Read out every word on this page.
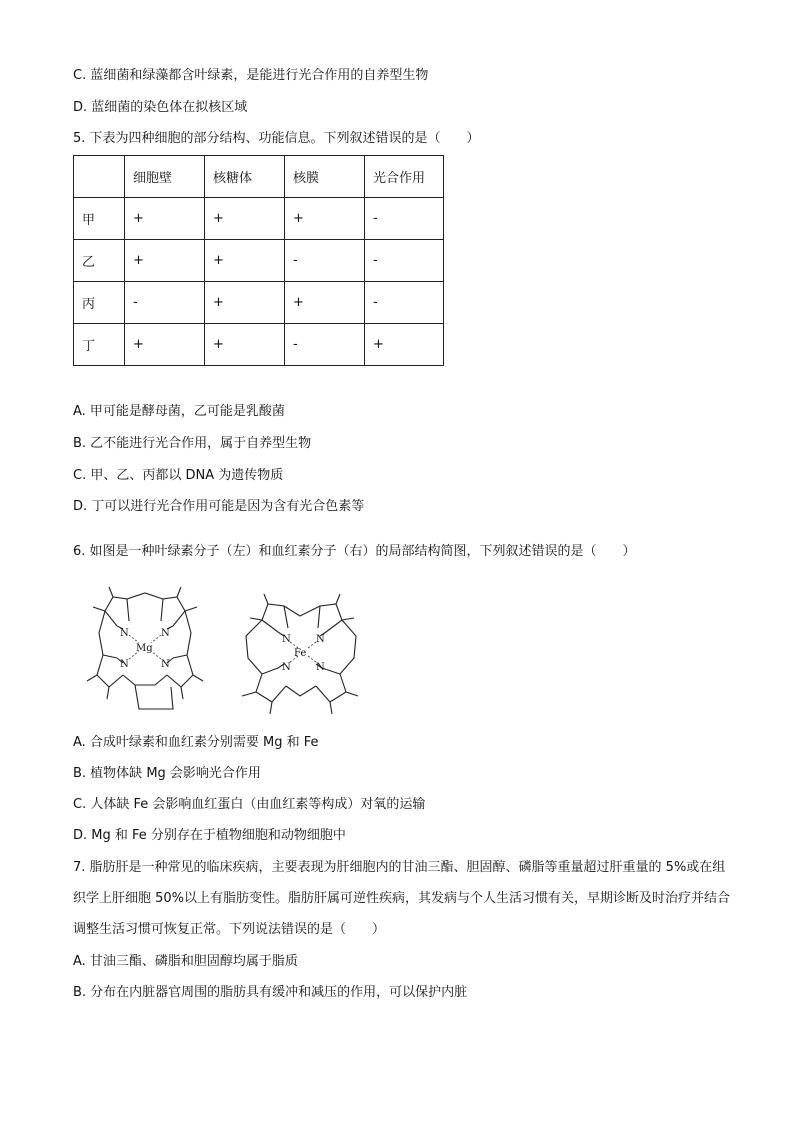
C. 蓝细菌和绿藻都含叶绿素，是能进行光合作用的自养型生物
D. 蓝细菌的染色体在拟核区域
5. 下表为四种细胞的部分结构、功能信息。下列叙述错误的是（　　）
	细胞壁	核糖体	核膜	光合作用
甲	+	+	+	-
乙	+	+	-	-
丙	-	+	+	-
丁	+	+	-	+
A. 甲可能是酵母菌，乙可能是乳酸菌
B. 乙不能进行光合作用，属于自养型生物
C. 甲、乙、丙都以 DNA 为遗传物质
D. 丁可以进行光合作用可能是因为含有光合色素等
6. 如图是一种叶绿素分子（左）和血红素分子（右）的局部结构简图，下列叙述错误的是（　　）
N	N
N	N
Mg
N	N
N	N
Fe
A. 合成叶绿素和血红素分别需要 Mg 和 Fe
B. 植物体缺 Mg 会影响光合作用
C. 人体缺 Fe 会影响血红蛋白（由血红素等构成）对氧的运输
D. Mg 和 Fe 分别存在于植物细胞和动物细胞中
7. 脂肪肝是一种常见的临床疾病，主要表现为肝细胞内的甘油三酯、胆固醇、磷脂等重量超过肝重量的 5%或在组织学上肝细胞 50%以上有脂肪变性。脂肪肝属可逆性疾病，其发病与个人生活习惯有关，早期诊断及时治疗并结合调整生活习惯可恢复正常。下列说法错误的是（　　）
A. 甘油三酯、磷脂和胆固醇均属于脂质
B. 分布在内脏器官周围的脂肪具有缓冲和减压的作用，可以保护内脏
